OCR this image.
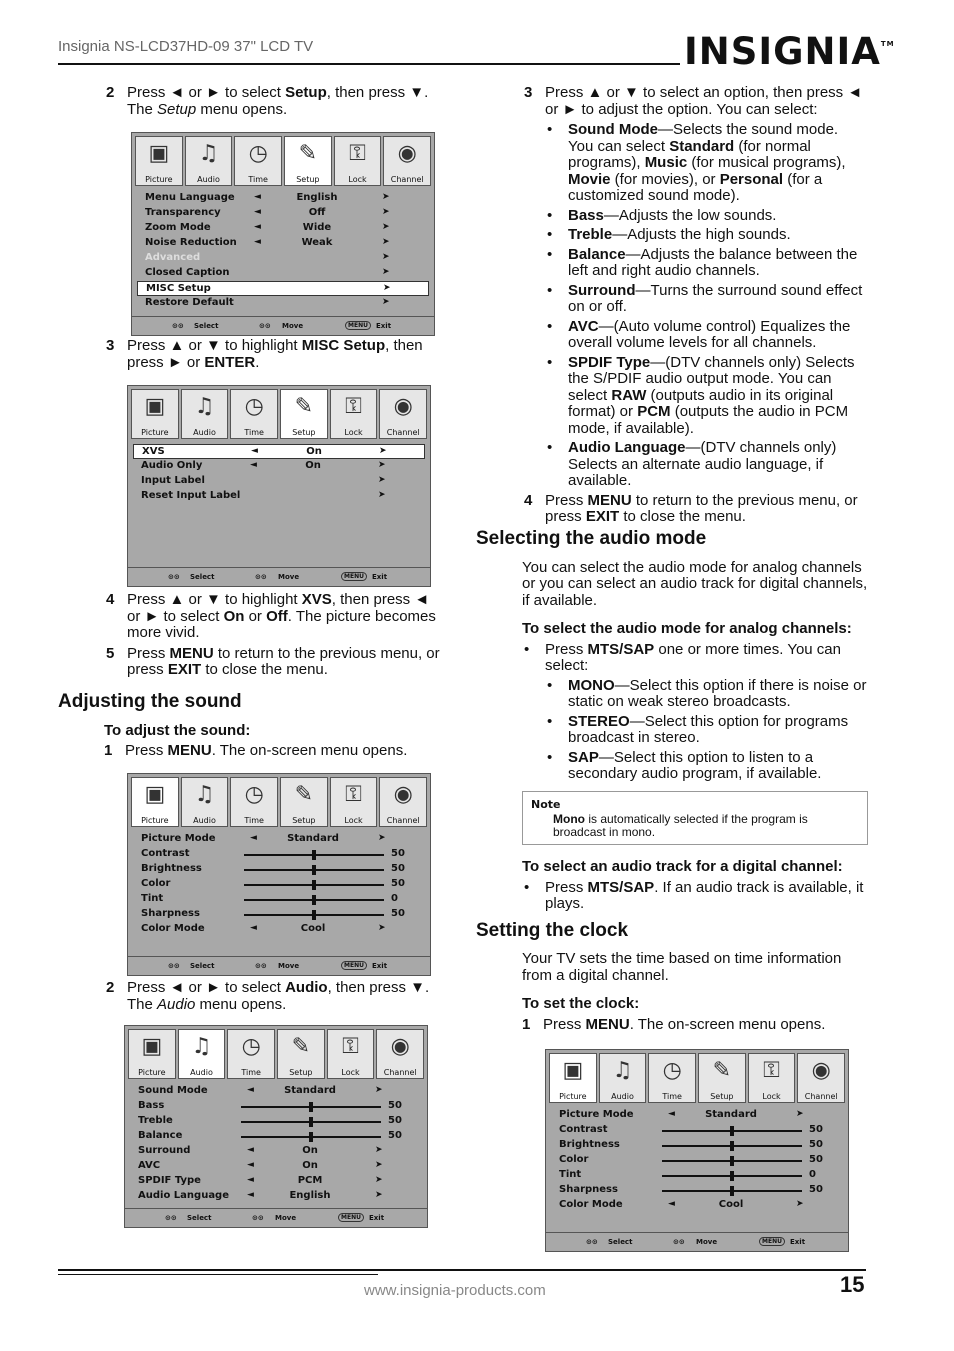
Insignia NS-LCD37HD-09 37" LCD TV	INSIGNIA™
2 Press ◄ or ► to select Setup, then press ▼. The Setup menu opens.
▣
Picture
♫
Audio
◷
Time
✎
Setup
⚿
Lock
◉
Channel
Menu Language ◄	English	➤
Transparency	◄	Off	➤
Zoom Mode	◄	Wide	➤
Noise Reduction ◄	Weak	➤
Advanced	➤
Closed Caption	➤
MISC Setup	➤
Restore Default	➤
⊙⊙ Select	⊙⊙ Move	MENU	Exit
3 Press ▲ or ▼ to highlight MISC Setup, then press ► or ENTER.
▣
Picture
♫
Audio
◷
Time
✎
Setup
⚿
Lock
◉
Channel
XVS	◄	On	➤
Audio Only	◄	On	➤
Input Label	➤
Reset Input Label	➤
⊙⊙ Select	⊙⊙ Move	MENU	Exit
4 Press ▲ or ▼ to highlight XVS, then press ◄ or ► to select On or Off. The picture becomes more vivid.
5 Press MENU to return to the previous menu, or press EXIT to close the menu.
Adjusting the sound
To adjust the sound:
1 Press MENU. The on-screen menu opens.
▣
Picture
♫
Audio
◷
Time
✎
Setup
⚿
Lock
◉
Channel
Picture Mode	◄	Standard	➤
Contrast	50
Brightness	50
Color	50
Tint	0
Sharpness	50
Color Mode	◄	Cool	➤
⊙⊙ Select	⊙⊙ Move	MENU	Exit
2 Press ◄ or ► to select Audio, then press ▼. The Audio menu opens.
▣
Picture
♫
Audio
◷
Time
✎
Setup
⚿
Lock
◉
Channel
Sound Mode	◄	Standard	➤
Bass	50
Treble	50
Balance	50
Surround	◄	On	➤
AVC	◄	On	➤
SPDIF Type	◄	PCM	➤
Audio Language ◄	English	➤
⊙⊙ Select	⊙⊙ Move	MENU	Exit
3 Press ▲ or ▼ to select an option, then press ◄ or ► to adjust the option. You can select:
• Sound Mode—Selects the sound mode. You can select Standard (for normal programs), Music (for musical programs), Movie (for movies), or Personal (for a customized sound mode).
• Bass—Adjusts the low sounds.
• Treble—Adjusts the high sounds.
• Balance—Adjusts the balance between the left and right audio channels.
• Surround—Turns the surround sound effect on or off.
• AVC—(Auto volume control) Equalizes the overall volume levels for all channels.
• SPDIF Type—(DTV channels only) Selects the S/PDIF audio output mode. You can select RAW (outputs audio in its original format) or PCM (outputs the audio in PCM mode, if available).
• Audio Language—(DTV channels only) Selects an alternate audio language, if available.
4 Press MENU to return to the previous menu, or press EXIT to close the menu.
Selecting the audio mode
You can select the audio mode for analog channels or you can select an audio track for digital channels, if available.
To select the audio mode for analog channels:
• Press MTS/SAP one or more times. You can select:
• MONO—Select this option if there is noise or static on weak stereo broadcasts.
• STEREO—Select this option for programs broadcast in stereo.
• SAP—Select this option to listen to a secondary audio program, if available.
Note
Mono is automatically selected if the program is broadcast in mono.
To select an audio track for a digital channel:
• Press MTS/SAP. If an audio track is available, it plays.
Setting the clock
Your TV sets the time based on time information from a digital channel.
To set the clock:
1 Press MENU. The on-screen menu opens.
▣
Picture
♫
Audio
◷
Time
✎
Setup
⚿
Lock
◉
Channel
Picture Mode	◄	Standard	➤
Contrast	50
Brightness	50
Color	50
Tint	0
Sharpness	50
Color Mode	◄	Cool	➤
⊙⊙ Select	⊙⊙ Move	MENU	Exit
www.insignia-products.com	15
